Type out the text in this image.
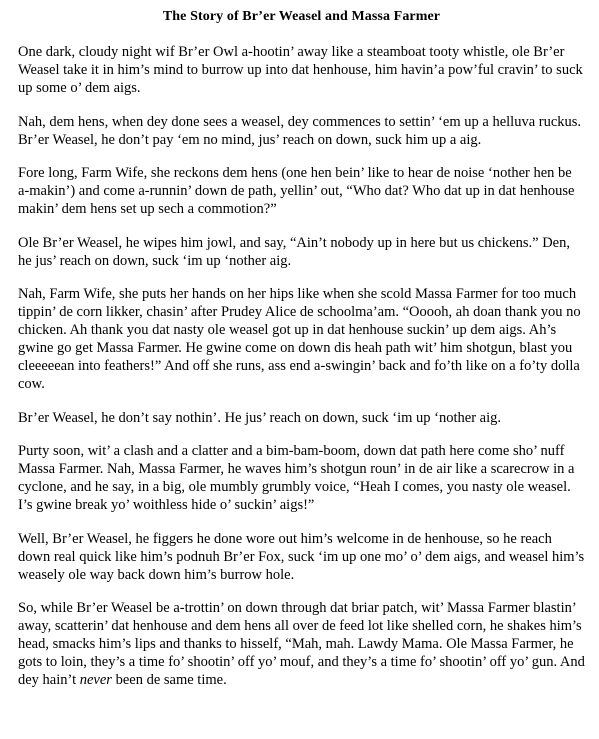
The Story of Br’er Weasel and Massa Farmer

One dark, cloudy night wif Br’er Owl a-hootin’ away like a steamboat tooty whistle, ole Br’er Weasel take it in him’s mind to burrow up into dat henhouse, him havin’a pow’ful cravin’ to suck up some o’ dem aigs.

Nah, dem hens, when dey done sees a weasel, dey commences to settin’ ‘em up a helluva ruckus. Br’er Weasel, he don’t pay ‘em no mind, jus’ reach on down, suck him up a aig.

Fore long, Farm Wife, she reckons dem hens (one hen bein’ like to hear de noise ‘nother hen be a-makin’) and come a-runnin’ down de path, yellin’ out, “Who dat? Who dat up in dat henhouse makin’ dem hens set up sech a commotion?”

Ole Br’er Weasel, he wipes him jowl, and say, “Ain’t nobody up in here but us chickens.” Den, he jus’ reach on down, suck ‘im up ‘nother aig.

Nah, Farm Wife, she puts her hands on her hips like when she scold Massa Farmer for too much tippin’ de corn likker, chasin’ after Prudey Alice de schoolma’am. “Ooooh, ah doan thank you no chicken. Ah thank you dat nasty ole weasel got up in dat henhouse suckin’ up dem aigs. Ah’s gwine go get Massa Farmer. He gwine come on down dis heah path wit’ him shotgun, blast you cleeeeean into feathers!” And off she runs, ass end a-swingin’ back and fo’th like on a fo’ty dolla cow.

Br’er Weasel, he don’t say nothin’. He jus’ reach on down, suck ‘im up ‘nother aig.

Purty soon, wit’ a clash and a clatter and a bim-bam-boom, down dat path here come sho’ nuff Massa Farmer. Nah, Massa Farmer, he waves him’s shotgun roun’ in de air like a scarecrow in a cyclone, and he say, in a big, ole mumbly grumbly voice, “Heah I comes, you nasty ole weasel. I’s gwine break yo’ woithless hide o’ suckin’ aigs!”

Well, Br’er Weasel, he figgers he done wore out him’s welcome in de henhouse, so he reach down real quick like him’s podnuh Br’er Fox, suck ‘im up one mo’ o’ dem aigs, and weasel him’s weasely ole way back down him’s burrow hole.

So, while Br’er Weasel be a-trottin’ on down through dat briar patch, wit’ Massa Farmer blastin’ away, scatterin’ dat henhouse and dem hens all over de feed lot like shelled corn, he shakes him’s head, smacks him’s lips and thanks to hisself, “Mah, mah. Lawdy Mama. Ole Massa Farmer, he gots to loin, they’s a time fo’ shootin’ off yo’ mouf, and they’s a time fo’ shootin’ off yo’ gun. And dey hain’t never been de same time.
